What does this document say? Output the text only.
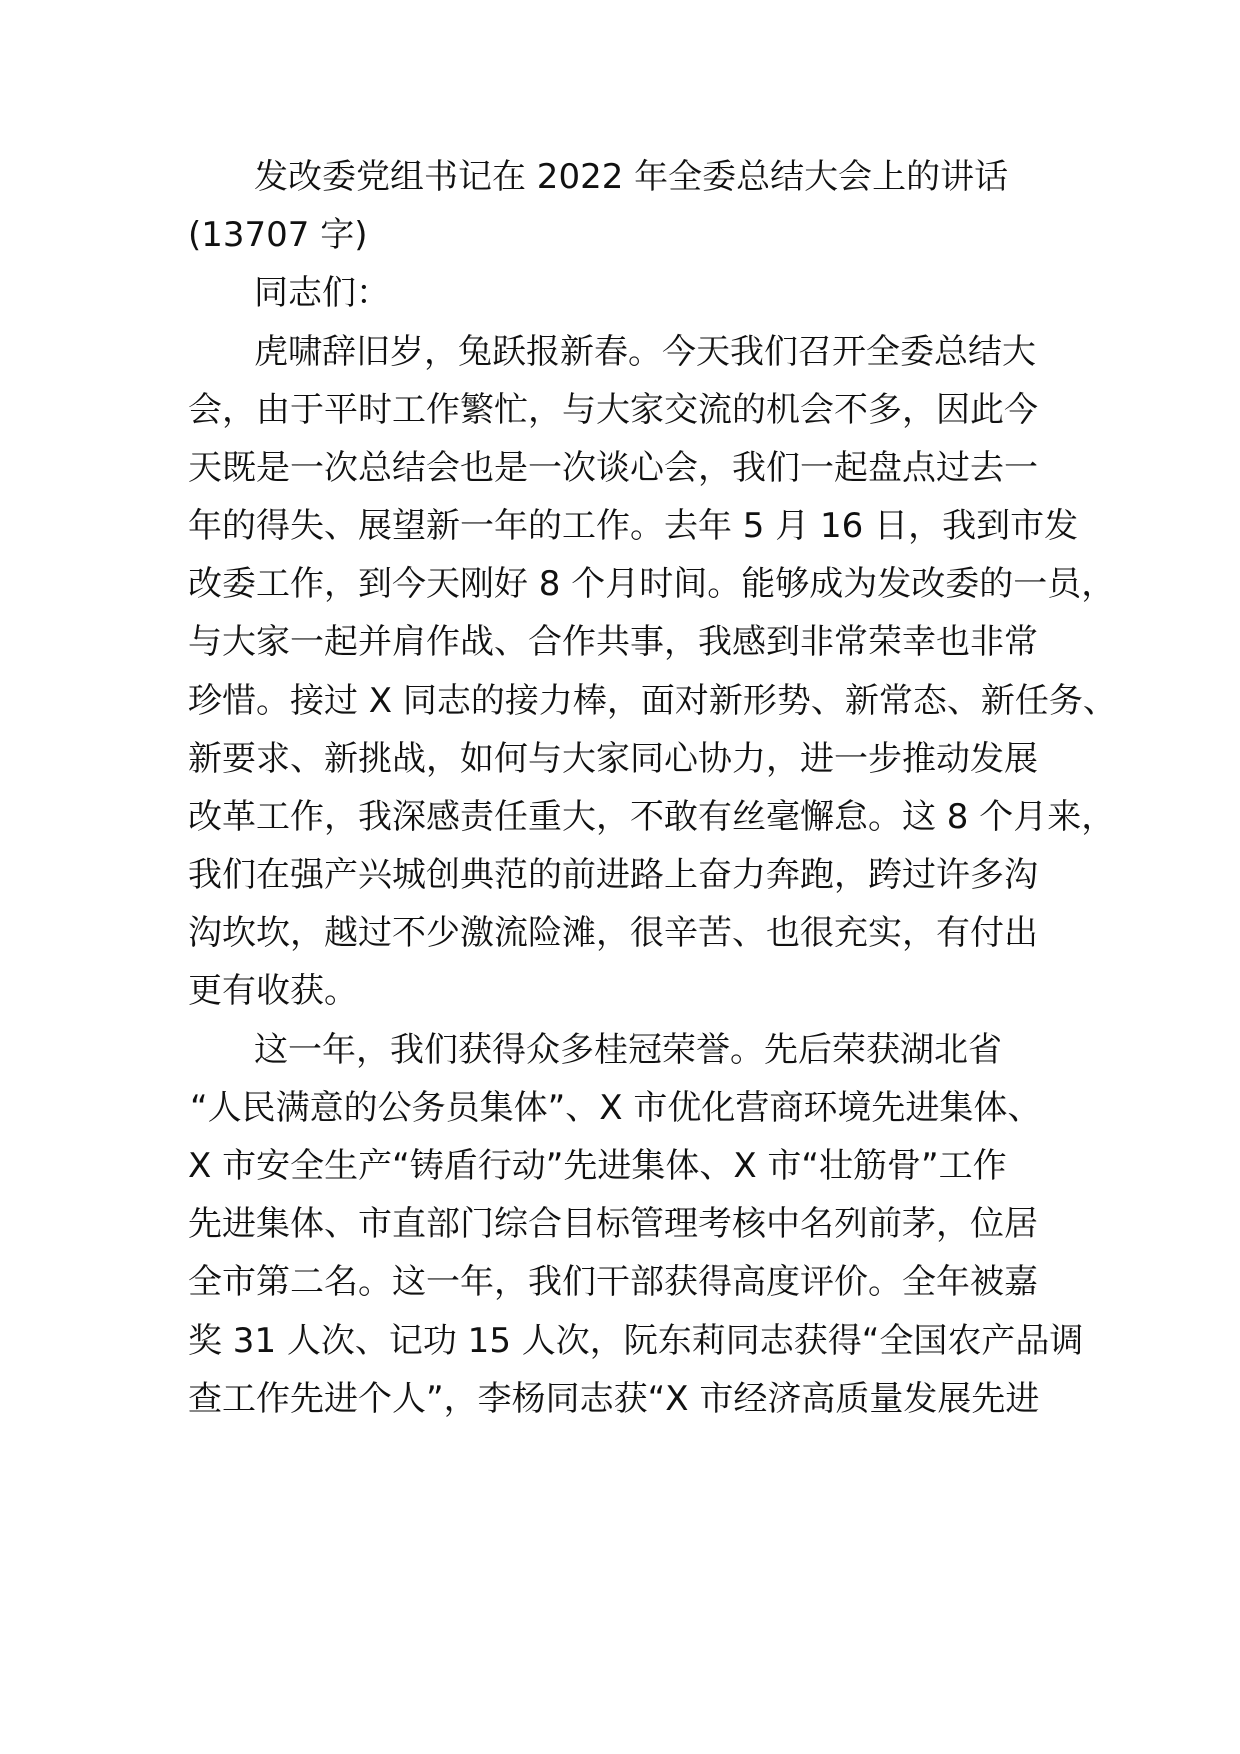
发改委党组书记在 2022 年全委总结大会上的讲话
(13707 字)
同志们：
虎啸辞旧岁，兔跃报新春。今天我们召开全委总结大
会，由于平时工作繁忙，与大家交流的机会不多，因此今
天既是一次总结会也是一次谈心会，我们一起盘点过去一
年的得失、展望新一年的工作。去年 5 月 16 日，我到市发
改委工作，到今天刚好 8 个月时间。能够成为发改委的一员，
与大家一起并肩作战、合作共事，我感到非常荣幸也非常
珍惜。接过 X 同志的接力棒，面对新形势、新常态、新任务、
新要求、新挑战，如何与大家同心协力，进一步推动发展
改革工作，我深感责任重大，不敢有丝毫懈怠。这 8 个月来，
我们在强产兴城创典范的前进路上奋力奔跑，跨过许多沟
沟坎坎，越过不少激流险滩，很辛苦、也很充实，有付出
更有收获。
这一年，我们获得众多桂冠荣誉。先后荣获湖北省
“人民满意的公务员集体”、X 市优化营商环境先进集体、
X 市安全生产“铸盾行动”先进集体、X 市“壮筋骨”工作
先进集体、市直部门综合目标管理考核中名列前茅，位居
全市第二名。这一年，我们干部获得高度评价。全年被嘉
奖 31 人次、记功 15 人次，阮东莉同志获得“全国农产品调
查工作先进个人”，李杨同志获“X 市经济高质量发展先进
